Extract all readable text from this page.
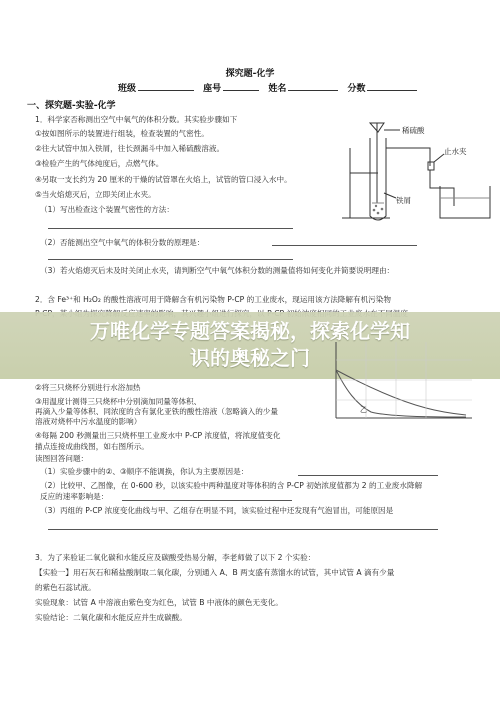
探究题-化学
班级	座号	姓名	分数
一、探究题-实验-化学
1．科学家否称测出空气中氧气的体积分数。其实验步骤如下
①按如图所示的装置进行组装，检查装置的气密性。
②往大试管中加入铁屑，往长颈漏斗中加入稀硫酸溶液。
③检验产生的气体纯度后，点燃气体。
④另取一支长约为 20 厘米的干燥的试管罩在火焰上，试管的管口浸入水中。
⑤当火焰熄灭后，立即关闭止水夹。
（1）写出检查这个装置气密性的方法：
（2）否能测出空气中氧气的体积分数的原理是：
（3）若火焰熄灭后未及时关闭止水夹，请判断空气中氧气体积分数的测量值将如何变化并简要说明理由：
稀硫酸
止水夹
铁屑
2．含 Fe³⁺和 H₂O₂ 的酸性溶液可用于降解含有机污染物 P-CP 的工业废水，现运用该方法降解有机污染物
万唯化学专题答案揭秘，探索化学知
识的奥秘之门
②将三只烧杯分别进行水浴加热
③用温度计测得三只烧杯中分别滴加同量等体积、
再滴入少量等体积、同浓度的含有氯化亚铁的酸性溶液（忽略滴入的少量
溶液对烧杯中污水温度的影响）
④每隔 200 秒测量出三只烧杯里工业废水中 P-CP 浓度值，将浓度值变化
描点连接成曲线图，如右图所示。
读图回答问题：
乙
（1）实验步骤中的②、③顺序不能调换，你认为主要原因是：
（2）比较甲、乙图像，在 0-600 秒，以该实验中两种温度对等体积的含 P-CP 初始浓度值都为 2 的工业废水降解
反应的速率影响是：
（3）丙组的 P-CP 浓度变化曲线与甲、乙组存在明显不同，该实验过程中还发现有气泡冒出，可能原因是
3．为了来验证二氧化碳和水能反应及碳酸受热易分解，李老师做了以下 2 个实验：
【实验一】用石灰石和稀盐酸制取二氧化碳，分别通入 A、B 两支盛有蒸馏水的试管，其中试管 A 滴有少量
的紫色石蕊试液。
实验现象：试管 A 中溶液由紫色变为红色，试管 B 中液体的颜色无变化。
实验结论：二氧化碳和水能反应并生成碳酸。
